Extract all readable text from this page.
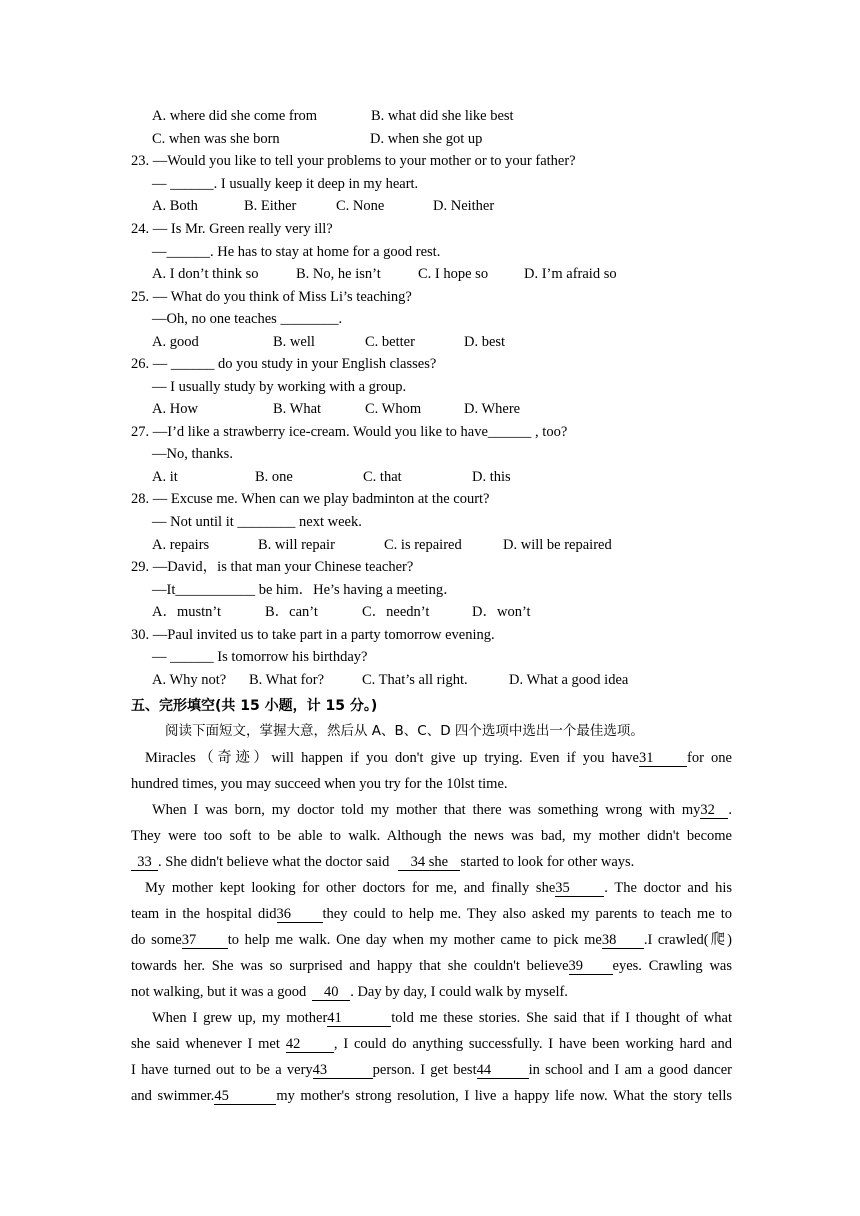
A. where did she come from	B. what did she like best
C. when was she born	D. when she got up
23. —Would you like to tell your problems to your mother or to your father?
— ______. I usually keep it deep in my heart.
A. Both	B. Either	C. None	D. Neither
24. — Is Mr. Green really very ill?
—______. He has to stay at home for a good rest.
A. I don’t think so	B. No, he isn’t	C. I hope so D. I’m afraid so
25. — What do you think of Miss Li’s teaching?
—Oh, no one teaches ________.
A. good	B. well	C. better	D. best
26. — ______ do you study in your English classes?
— I usually study by working with a group.
A. How	B. What	C. Whom	D. Where
27. —I’d like a strawberry ice-cream. Would you like to have______ , too?
—No, thanks.
A. it	B. one	C. that	D. this
28. — Excuse me. When can we play badminton at the court?
— Not until it ________ next week.
A. repairs	B. will repair	C. is repaired	D. will be repaired
29. —David，is that man your Chinese teacher?
—It___________ be him．He’s having a meeting．
A．mustn’t	B．can’t	C．needn’t	D．won’t
30. —Paul invited us to take part in a party tomorrow evening.
— ______ Is tomorrow his birthday?
A. Why not? B. What for?	C. That’s all right.	D. What a good idea
五、完形填空(共 15 小题，计 15 分。)
阅读下面短文，掌握大意，然后从 A、B、C、D 四个选项中选出一个最佳选项。
Miracles（奇迹）will happen if you don't give up trying. Even if you have31 for one
hundred times, you may succeed when you try for the 10lst time.
When I was born, my doctor told my mother that there was something wrong with my32 .
They were too soft to be able to walk. Although the news was bad, my mother didn't become
33 . She didn't believe what the doctor said 34 she started to look for other ways.
My mother kept looking for other doctors for me, and finally she35 . The doctor and his
team in the hospital did36 they could to help me. They also asked my parents to teach me to
do some37 to help me walk. One day when my mother came to pick me38 .I crawled(爬)
towards her. She was so surprised and happy that she couldn't believe39 eyes. Crawling was
not walking, but it was a good 40 . Day by day, I could walk by myself.
When I grew up, my mother41	told me these stories. She said that if I thought of what
she said whenever I met 42 , I could do anything successfully. I have been working hard and
I have turned out to be a very43	person. I get best44	in school and I am a good dancer
and swimmer.45	my mother's strong resolution, I live a happy life now. What the story tells
